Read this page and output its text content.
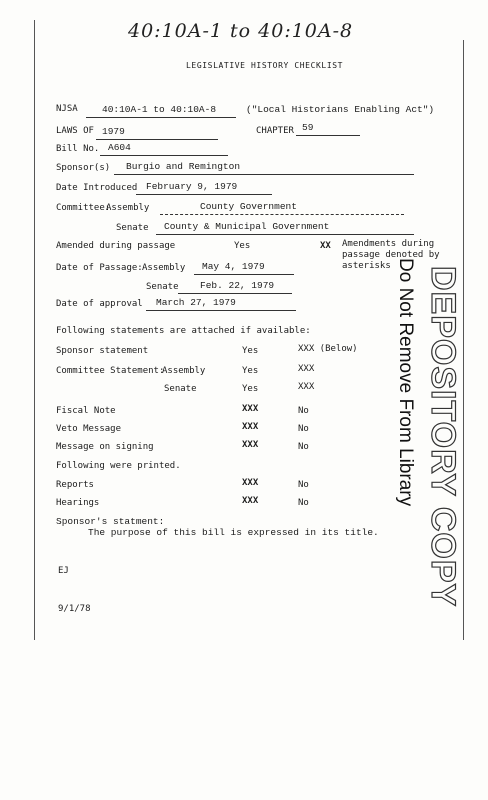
40:10A-1 to 40:10A-8
LEGISLATIVE HISTORY CHECKLIST
NJSA	40:10A-1 to 40:10A-8	("Local Historians Enabling Act")
LAWS OF 1979	CHAPTER 59
Bill No. A604
Sponsor(s) Burgio and Remington
Date Introduced February 9, 1979
Committee:
Assembly	County Government
Senate County & Municipal Government
Amended during passage	Yes	XX Amendments during passage denoted by asterisks
Date of Passage: Assembly May 4, 1979
Senate Feb. 22, 1979
Date of approval March 27, 1979
Following statements are attached if available:
Sponsor statement	Yes	XXX (Below)
Committee Statement:
Assembly	Yes	XXX
Senate	Yes	XXX
Fiscal Note	XXX	No
Veto Message	XXX	No
Message on signing	XXX	No
Following were printed.
Reports	XXX	No
Hearings	XXX	No
Sponsor's statment:
The purpose of this bill is expressed in its title.
EJ
9/1/78
DEPOSITORY COPY
Do Not Remove From Library
